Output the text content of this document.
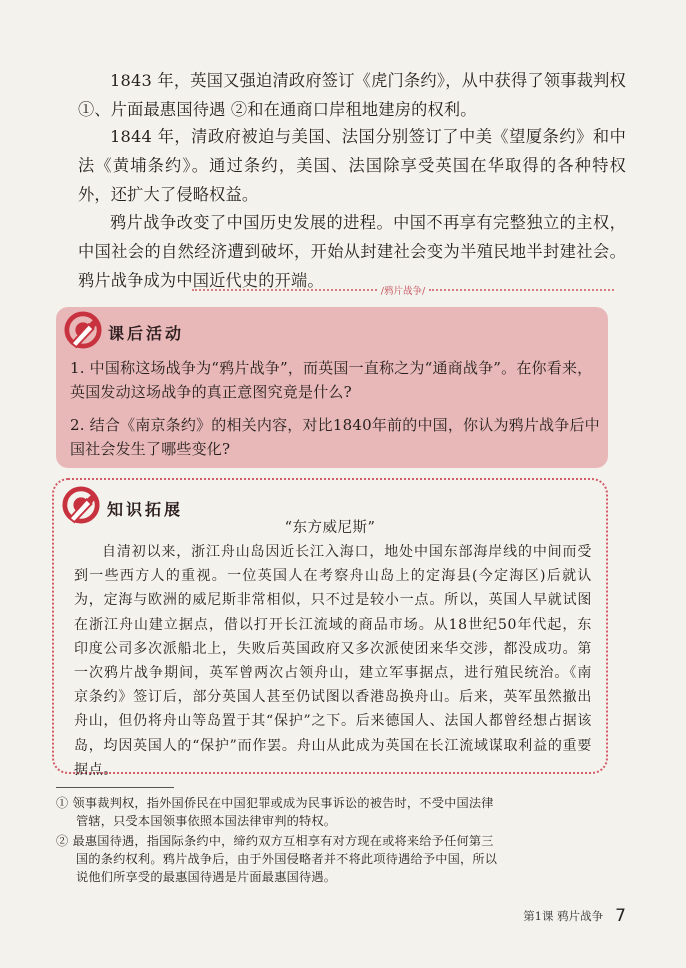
1843 年，英国又强迫清政府签订《虎门条约》，从中获得了领事裁判权 ①、片面最惠国待遇 ②和在通商口岸租地建房的权利。

1844 年，清政府被迫与美国、法国分别签订了中美《望厦条约》和中法《黄埔条约》。通过条约，美国、法国除享受英国在华取得的各种特权外，还扩大了侵略权益。

鸦片战争改变了中国历史发展的进程。中国不再享有完整独立的主权，中国社会的自然经济遭到破坏，开始从封建社会变为半殖民地半封建社会。鸦片战争成为中国近代史的开端。

/鸦片战争/
课后活动

1. 中国称这场战争为“鸦片战争”，而英国一直称之为“通商战争”。在你看来，英国发动这场战争的真正意图究竟是什么?

2. 结合《南京条约》的相关内容，对比1840年前的中国，你认为鸦片战争后中国社会发生了哪些变化?

知识拓展
“东方威尼斯”

自清初以来，浙江舟山岛因近长江入海口，地处中国东部海岸线的中间而受到一些西方人的重视。一位英国人在考察舟山岛上的定海县(今定海区)后就认为，定海与欧洲的威尼斯非常相似，只不过是较小一点。所以，英国人早就试图在浙江舟山建立据点，借以打开长江流域的商品市场。从18世纪50年代起，东印度公司多次派船北上，失败后英国政府又多次派使团来华交涉，都没成功。第一次鸦片战争期间，英军曾两次占领舟山，建立军事据点，进行殖民统治。《南京条约》签订后，部分英国人甚至仍试图以香港岛换舟山。后来，英军虽然撤出舟山，但仍将舟山等岛置于其“保护”之下。后来德国人、法国人都曾经想占据该岛，均因英国人的“保护”而作罢。舟山从此成为英国在长江流域谋取利益的重要据点。

① 领事裁判权，指外国侨民在中国犯罪或成为民事诉讼的被告时，不受中国法律管辖，只受本国领事依照本国法律审判的特权。

② 最惠国待遇，指国际条约中，缔约双方互相享有对方现在或将来给予任何第三国的条约权利。鸦片战争后，由于外国侵略者并不将此项待遇给予中国，所以说他们所享受的最惠国待遇是片面最惠国待遇。

第1课 鸦片战争 7
